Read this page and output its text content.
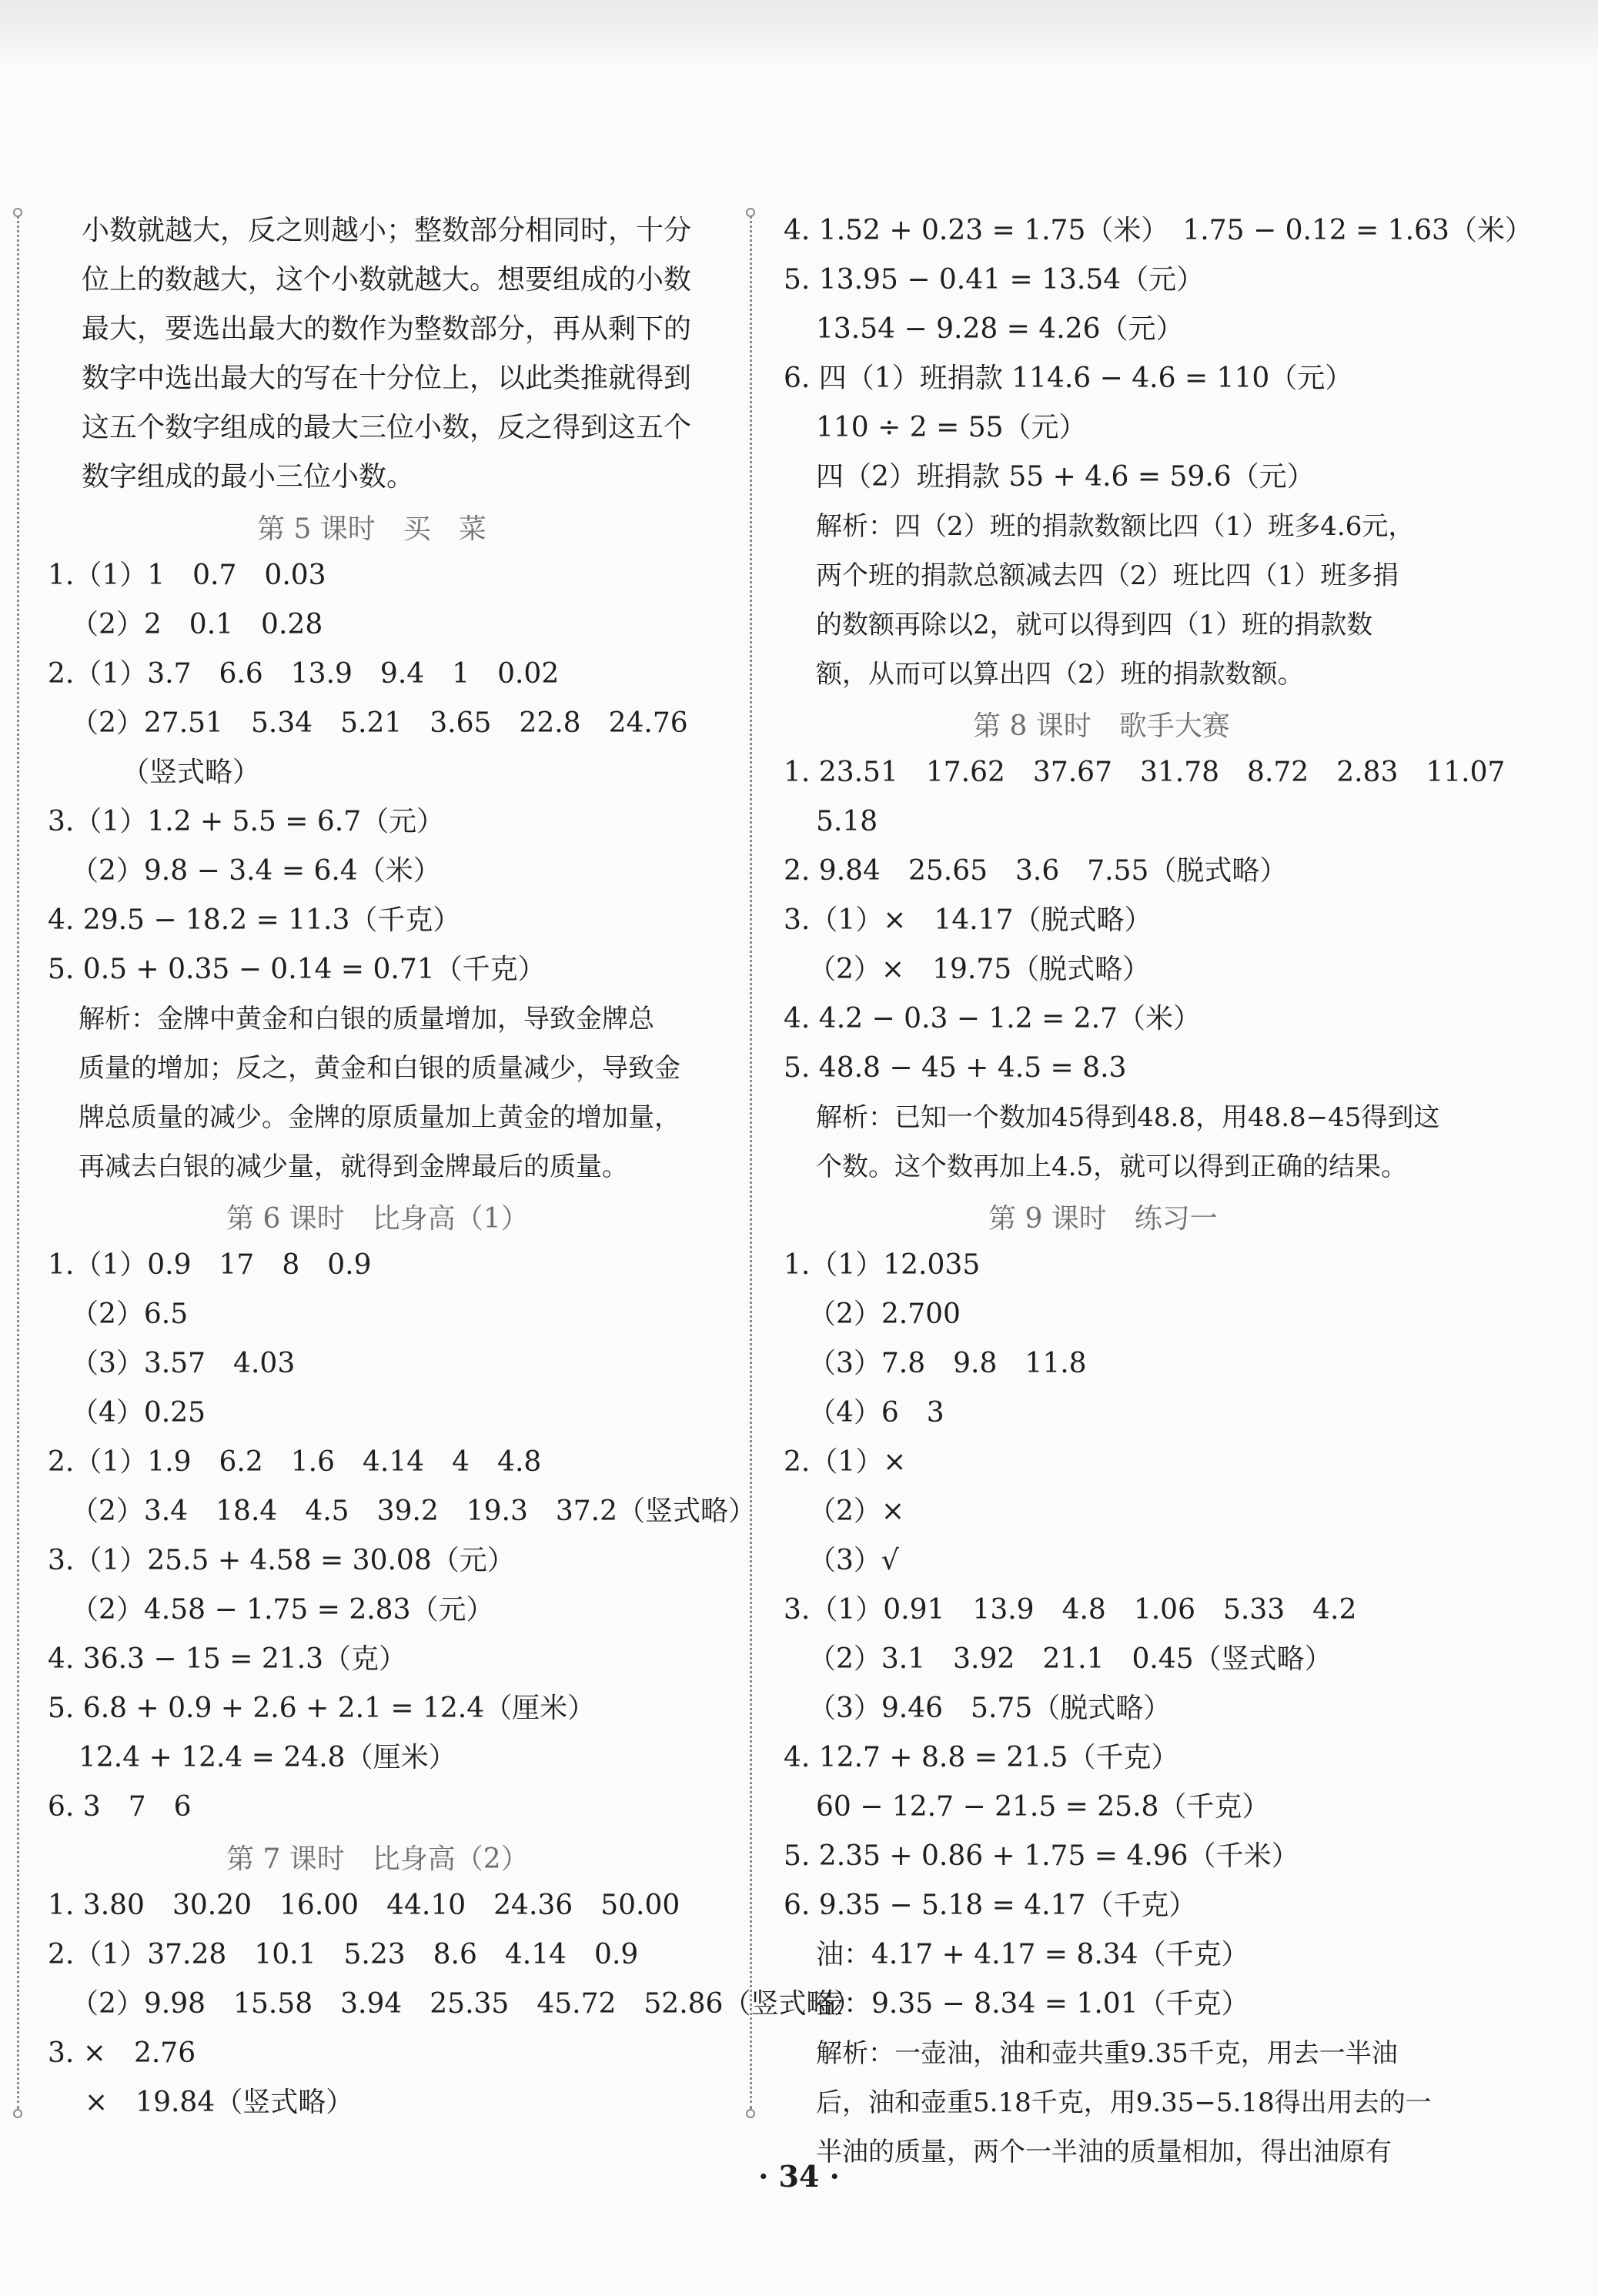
小数就越大，反之则越小；整数部分相同时，十分
位上的数越大，这个小数就越大。想要组成的小数
最大，要选出最大的数作为整数部分，再从剩下的
数字中选出最大的写在十分位上，以此类推就得到
这五个数字组成的最大三位小数，反之得到这五个
数字组成的最小三位小数。
第 5 课时　买　菜
1.（1）1　0.7　0.03
（2）2　0.1　0.28
2.（1）3.7　6.6　13.9　9.4　1　0.02
（2）27.51　5.34　5.21　3.65　22.8　24.76
（竖式略）
3.（1）1.2 + 5.5 = 6.7（元）
（2）9.8 − 3.4 = 6.4（米）
4. 29.5 − 18.2 = 11.3（千克）
5. 0.5 + 0.35 − 0.14 = 0.71（千克）
解析：金牌中黄金和白银的质量增加，导致金牌总
质量的增加；反之，黄金和白银的质量减少，导致金
牌总质量的减少。金牌的原质量加上黄金的增加量，
再减去白银的减少量，就得到金牌最后的质量。
第 6 课时　比身高（1）
1.（1）0.9　17　8　0.9
（2）6.5
（3）3.57　4.03
（4）0.25
2.（1）1.9　6.2　1.6　4.14　4　4.8
（2）3.4　18.4　4.5　39.2　19.3　37.2（竖式略）
3.（1）25.5 + 4.58 = 30.08（元）
（2）4.58 − 1.75 = 2.83（元）
4. 36.3 − 15 = 21.3（克）
5. 6.8 + 0.9 + 2.6 + 2.1 = 12.4（厘米）
12.4 + 12.4 = 24.8（厘米）
6. 3　7　6
第 7 课时　比身高（2）
1. 3.80　30.20　16.00　44.10　24.36　50.00
2.（1）37.28　10.1　5.23　8.6　4.14　0.9
（2）9.98　15.58　3.94　25.35　45.72　52.86（竖式略）
3. ×　2.76
×　19.84（竖式略）
4. 1.52 + 0.23 = 1.75（米）　1.75 − 0.12 = 1.63（米）
5. 13.95 − 0.41 = 13.54（元）
13.54 − 9.28 = 4.26（元）
6. 四（1）班捐款 114.6 − 4.6 = 110（元）
110 ÷ 2 = 55（元）
四（2）班捐款 55 + 4.6 = 59.6（元）
解析：四（2）班的捐款数额比四（1）班多4.6元，
两个班的捐款总额减去四（2）班比四（1）班多捐
的数额再除以2，就可以得到四（1）班的捐款数
额，从而可以算出四（2）班的捐款数额。
第 8 课时　歌手大赛
1. 23.51　17.62　37.67　31.78　8.72　2.83　11.07
5.18
2. 9.84　25.65　3.6　7.55（脱式略）
3.（1）×　14.17（脱式略）
（2）×　19.75（脱式略）
4. 4.2 − 0.3 − 1.2 = 2.7（米）
5. 48.8 − 45 + 4.5 = 8.3
解析：已知一个数加45得到48.8，用48.8−45得到这
个数。这个数再加上4.5，就可以得到正确的结果。
第 9 课时　练习一
1.（1）12.035
（2）2.700
（3）7.8　9.8　11.8
（4）6　3
2.（1）×
（2）×
（3）√
3.（1）0.91　13.9　4.8　1.06　5.33　4.2
（2）3.1　3.92　21.1　0.45（竖式略）
（3）9.46　5.75（脱式略）
4. 12.7 + 8.8 = 21.5（千克）
60 − 12.7 − 21.5 = 25.8（千克）
5. 2.35 + 0.86 + 1.75 = 4.96（千米）
6. 9.35 − 5.18 = 4.17（千克）
油：4.17 + 4.17 = 8.34（千克）
壶：9.35 − 8.34 = 1.01（千克）
解析：一壶油，油和壶共重9.35千克，用去一半油
后，油和壶重5.18千克，用9.35−5.18得出用去的一
半油的质量，两个一半油的质量相加，得出油原有
· 34 ·
